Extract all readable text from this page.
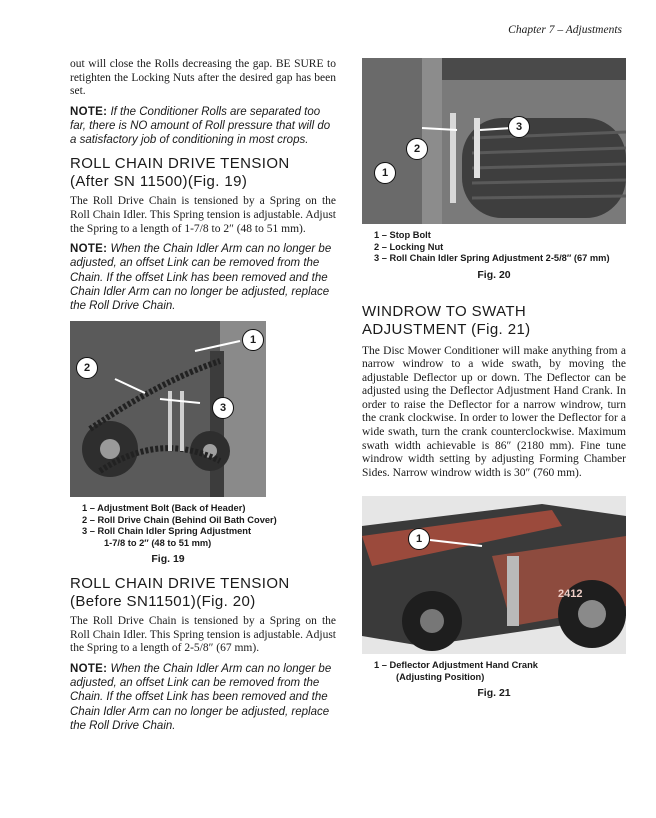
Chapter 7 – Adjustments

out will close the Rolls decreasing the gap. BE SURE to retighten the Locking Nuts after the desired gap has been set.

NOTE: If the Conditioner Rolls are separated too far, there is NO amount of Roll pressure that will do a satisfactory job of conditioning in most crops.

ROLL CHAIN DRIVE TENSION
(After SN 11500)(Fig. 19)

The Roll Drive Chain is tensioned by a Spring on the Roll Chain Idler. This Spring tension is adjustable. Adjust the Spring to a length of 1-7/8 to 2″ (48 to 51 mm).

NOTE: When the Chain Idler Arm can no longer be adjusted, an offset Link can be removed from the Chain. If the offset Link has been removed and the Chain Idler Arm can no longer be adjusted, replace the Roll Drive Chain.

1
2
3
1 – Adjustment Bolt (Back of Header)
2 – Roll Drive Chain (Behind Oil Bath Cover)
3 – Roll Chain Idler Spring Adjustment
1-7/8 to 2″ (48 to 51 mm)
Fig. 19
ROLL CHAIN DRIVE TENSION
(Before SN11501)(Fig. 20)

The Roll Drive Chain is tensioned by a Spring on the Roll Chain Idler. This Spring tension is adjustable. Adjust the Spring to a length of 2-5/8″ (67 mm).

NOTE: When the Chain Idler Arm can no longer be adjusted, an offset Link can be removed from the Chain. If the offset Link has been removed and the Chain Idler Arm can no longer be adjusted, replace the Roll Drive Chain.

1
2
3
1 – Stop Bolt
2 – Locking Nut
3 – Roll Chain Idler Spring Adjustment 2-5/8″ (67 mm)
Fig. 20
WINDROW TO SWATH
ADJUSTMENT (Fig. 21)

The Disc Mower Conditioner will make anything from a narrow windrow to a wide swath, by moving the adjustable Deflector up or down. The Deflector can be adjusted using the Deflector Adjustment Hand Crank. In order to raise the Deflector for a narrow windrow, turn the crank clockwise. In order to lower the Deflector for a wide swath, turn the crank counterclockwise. Maximum swath width achievable is 86″ (2180 mm). Fine tune windrow width setting by adjusting Forming Chamber Sides. Narrow windrow width is 30″ (760 mm).

1
2412
1 – Deflector Adjustment Hand Crank
(Adjusting Position)
Fig. 21
